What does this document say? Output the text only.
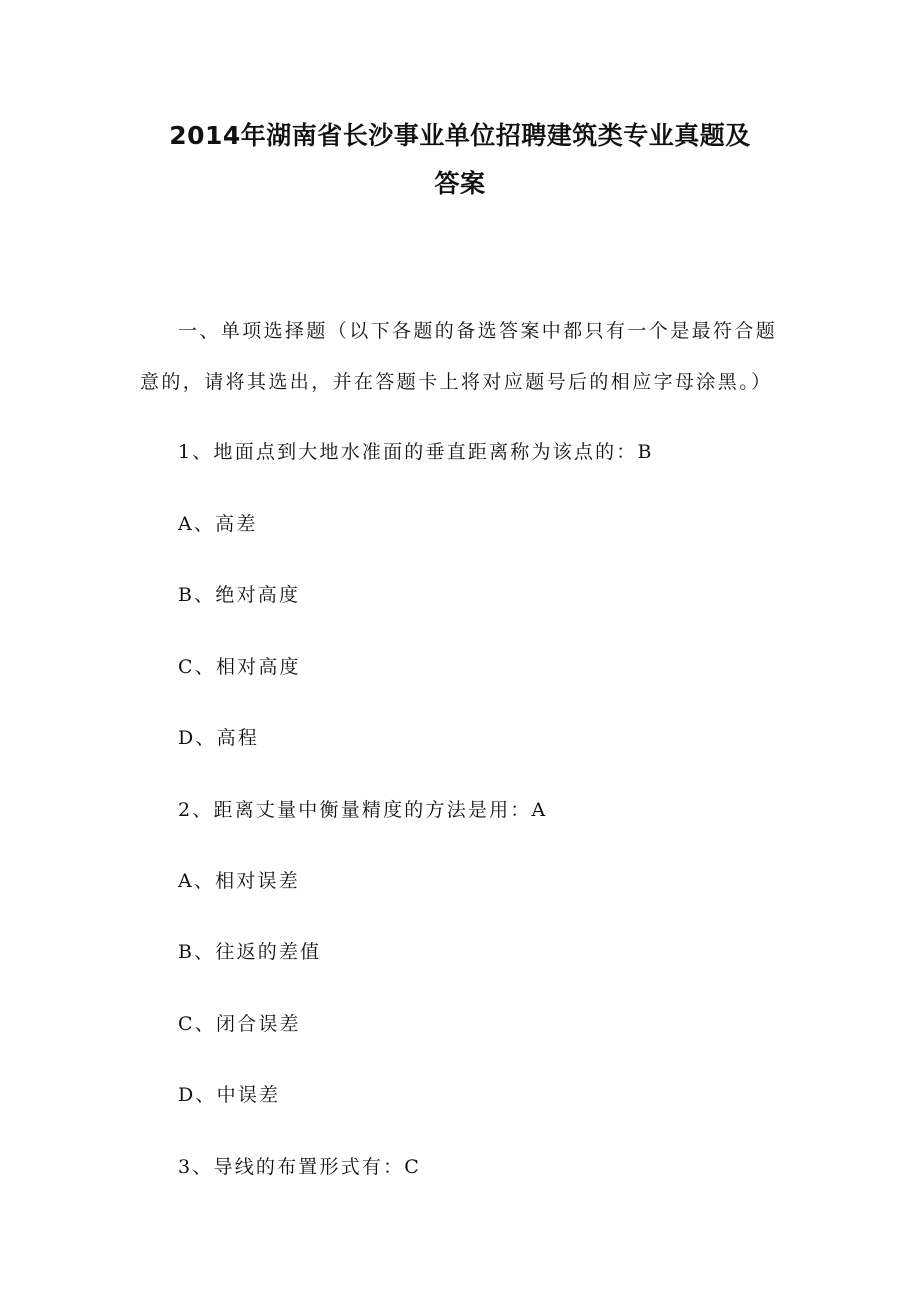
2014年湖南省长沙事业单位招聘建筑类专业真题及
答案
一、单项选择题（以下各题的备选答案中都只有一个是最符合题
意的，请将其选出，并在答题卡上将对应题号后的相应字母涂黑。）
1、地面点到大地水准面的垂直距离称为该点的：B
A、高差
B、绝对高度
C、相对高度
D、高程
2、距离丈量中衡量精度的方法是用：A
A、相对误差
B、往返的差值
C、闭合误差
D、中误差
3、导线的布置形式有：C
